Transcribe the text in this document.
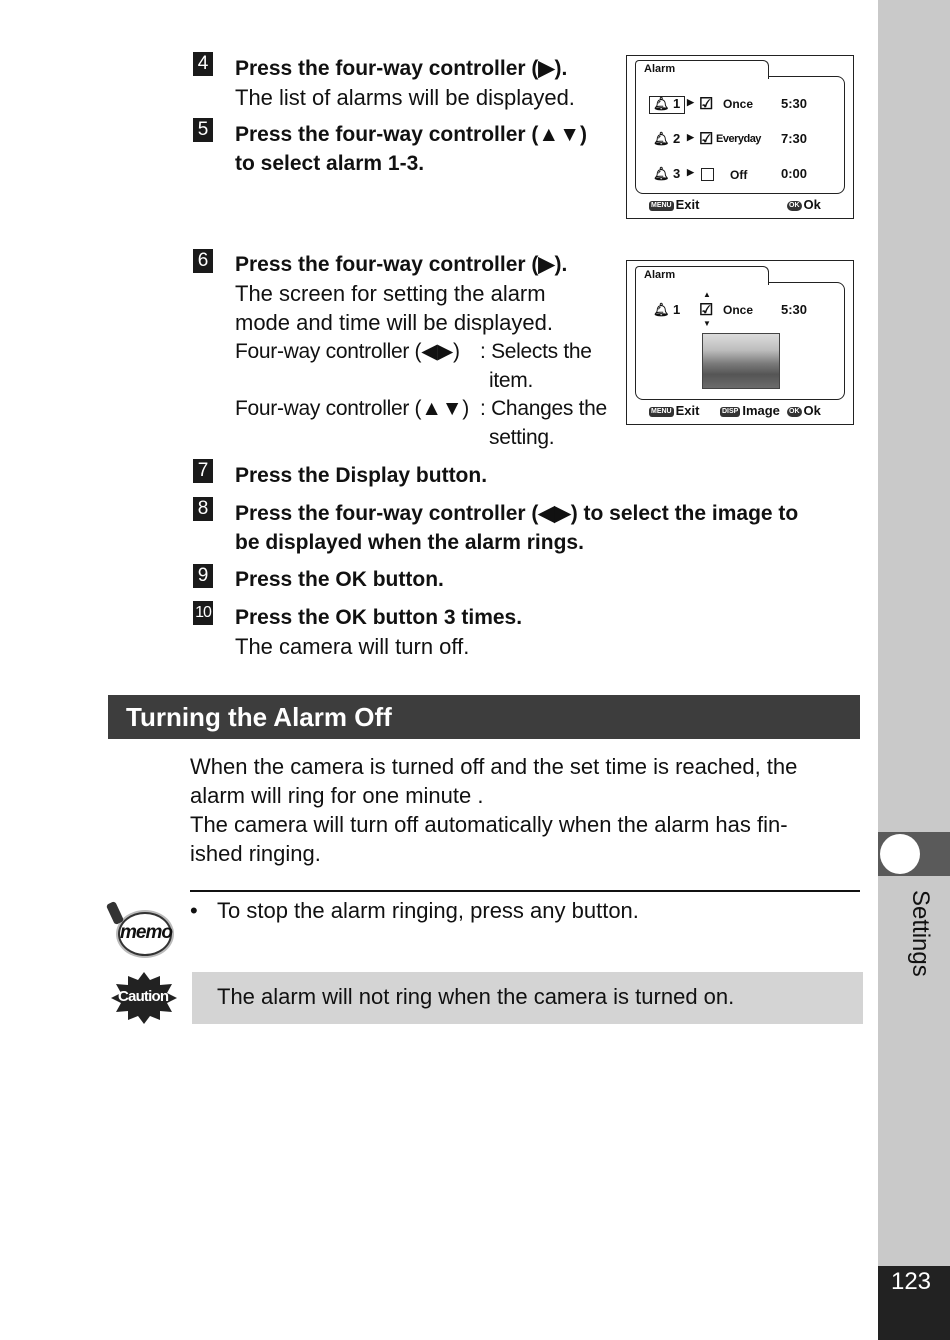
Settings
123
4 Press the four-way controller (▶).
The list of alarms will be displayed.
5 Press the four-way controller (▲▼)
to select alarm 1-3.
Alarm
🔔︎ 1 ▶ ☑ Once 5:30
🔔︎ 2 ▶ ☑ Everyday 7:30
🔔︎ 3 ▶	Off	0:00
MENU Exit	OK Ok
6 Press the four-way controller (▶).
The screen for setting the alarm
mode and time will be displayed.
Four-way controller (◀▶) : Selects the
item.
Four-way controller (▲▼) : Changes the
setting.
Alarm
🔔︎ 1
▲
☑
▼
Once 5:30
MENU Exit	DISP Image OK Ok
7 Press the Display button.
8 Press the four-way controller (◀▶) to select the image to
be displayed when the alarm rings.
9 Press the OK button.
10 Press the OK button 3 times.
The camera will turn off.
Turning the Alarm Off
When the camera is turned off and the set time is reached, the
alarm will ring for one minute .
The camera will turn off automatically when the alarm has fin-
ished ringing.
memo
• To stop the alarm ringing, press any button.
Caution The alarm will not ring when the camera is turned on.
